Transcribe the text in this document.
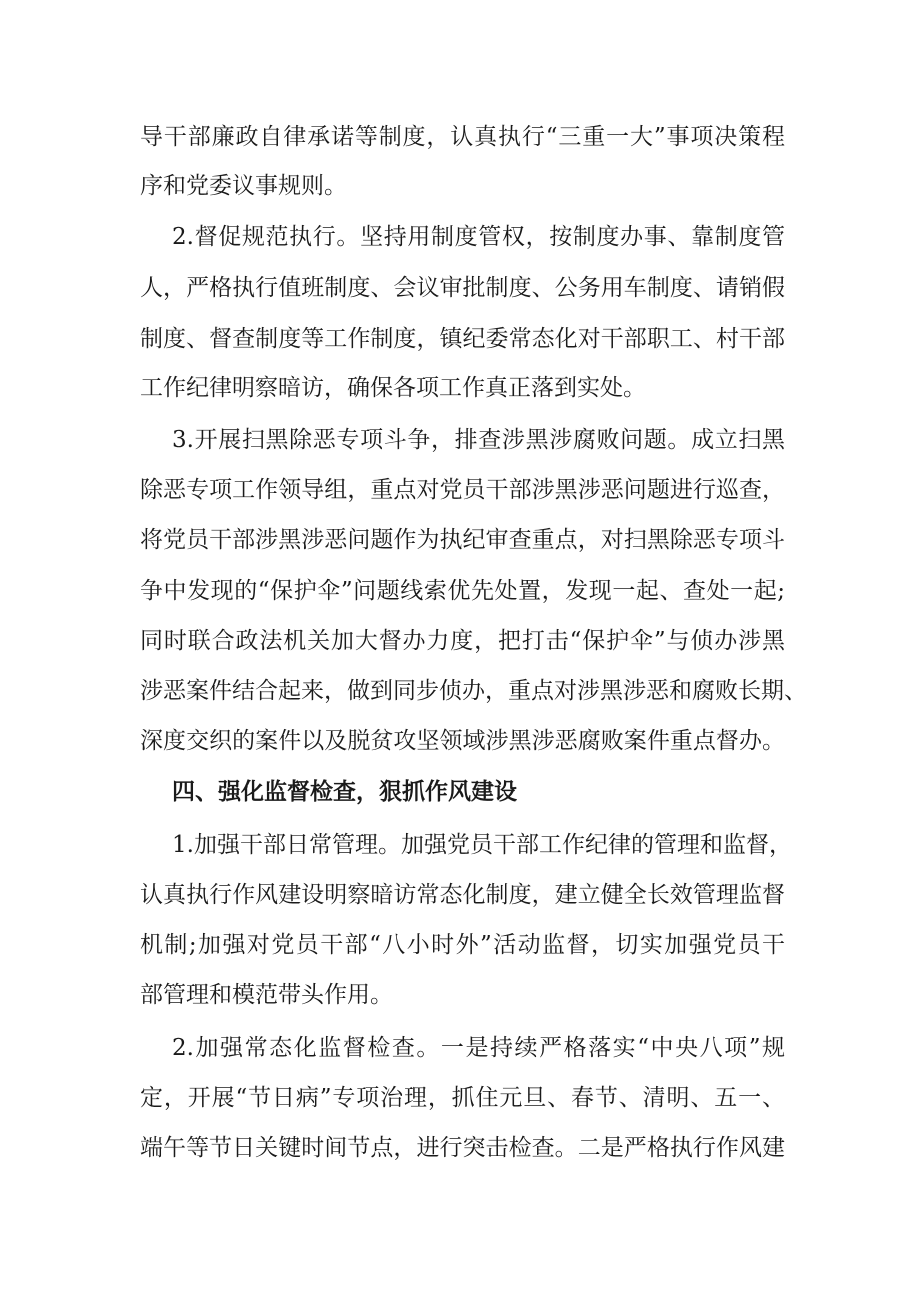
导干部廉政自律承诺等制度，认真执行“三重一大”事项决策程
序和党委议事规则。
2.督促规范执行。坚持用制度管权，按制度办事、靠制度管
人，严格执行值班制度、会议审批制度、公务用车制度、请销假
制度、督查制度等工作制度，镇纪委常态化对干部职工、村干部
工作纪律明察暗访，确保各项工作真正落到实处。
3.开展扫黑除恶专项斗争，排查涉黑涉腐败问题。成立扫黑
除恶专项工作领导组，重点对党员干部涉黑涉恶问题进行巡查，
将党员干部涉黑涉恶问题作为执纪审查重点，对扫黑除恶专项斗
争中发现的“保护伞”问题线索优先处置，发现一起、查处一起;
同时联合政法机关加大督办力度，把打击“保护伞”与侦办涉黑
涉恶案件结合起来，做到同步侦办，重点对涉黑涉恶和腐败长期、
深度交织的案件以及脱贫攻坚领域涉黑涉恶腐败案件重点督办。
四、强化监督检查，狠抓作风建设
1.加强干部日常管理。加强党员干部工作纪律的管理和监督，
认真执行作风建设明察暗访常态化制度，建立健全长效管理监督
机制;加强对党员干部“八小时外”活动监督，切实加强党员干
部管理和模范带头作用。
2.加强常态化监督检查。一是持续严格落实“中央八项”规
定，开展“节日病”专项治理，抓住元旦、春节、清明、五一、
端午等节日关键时间节点，进行突击检查。二是严格执行作风建
